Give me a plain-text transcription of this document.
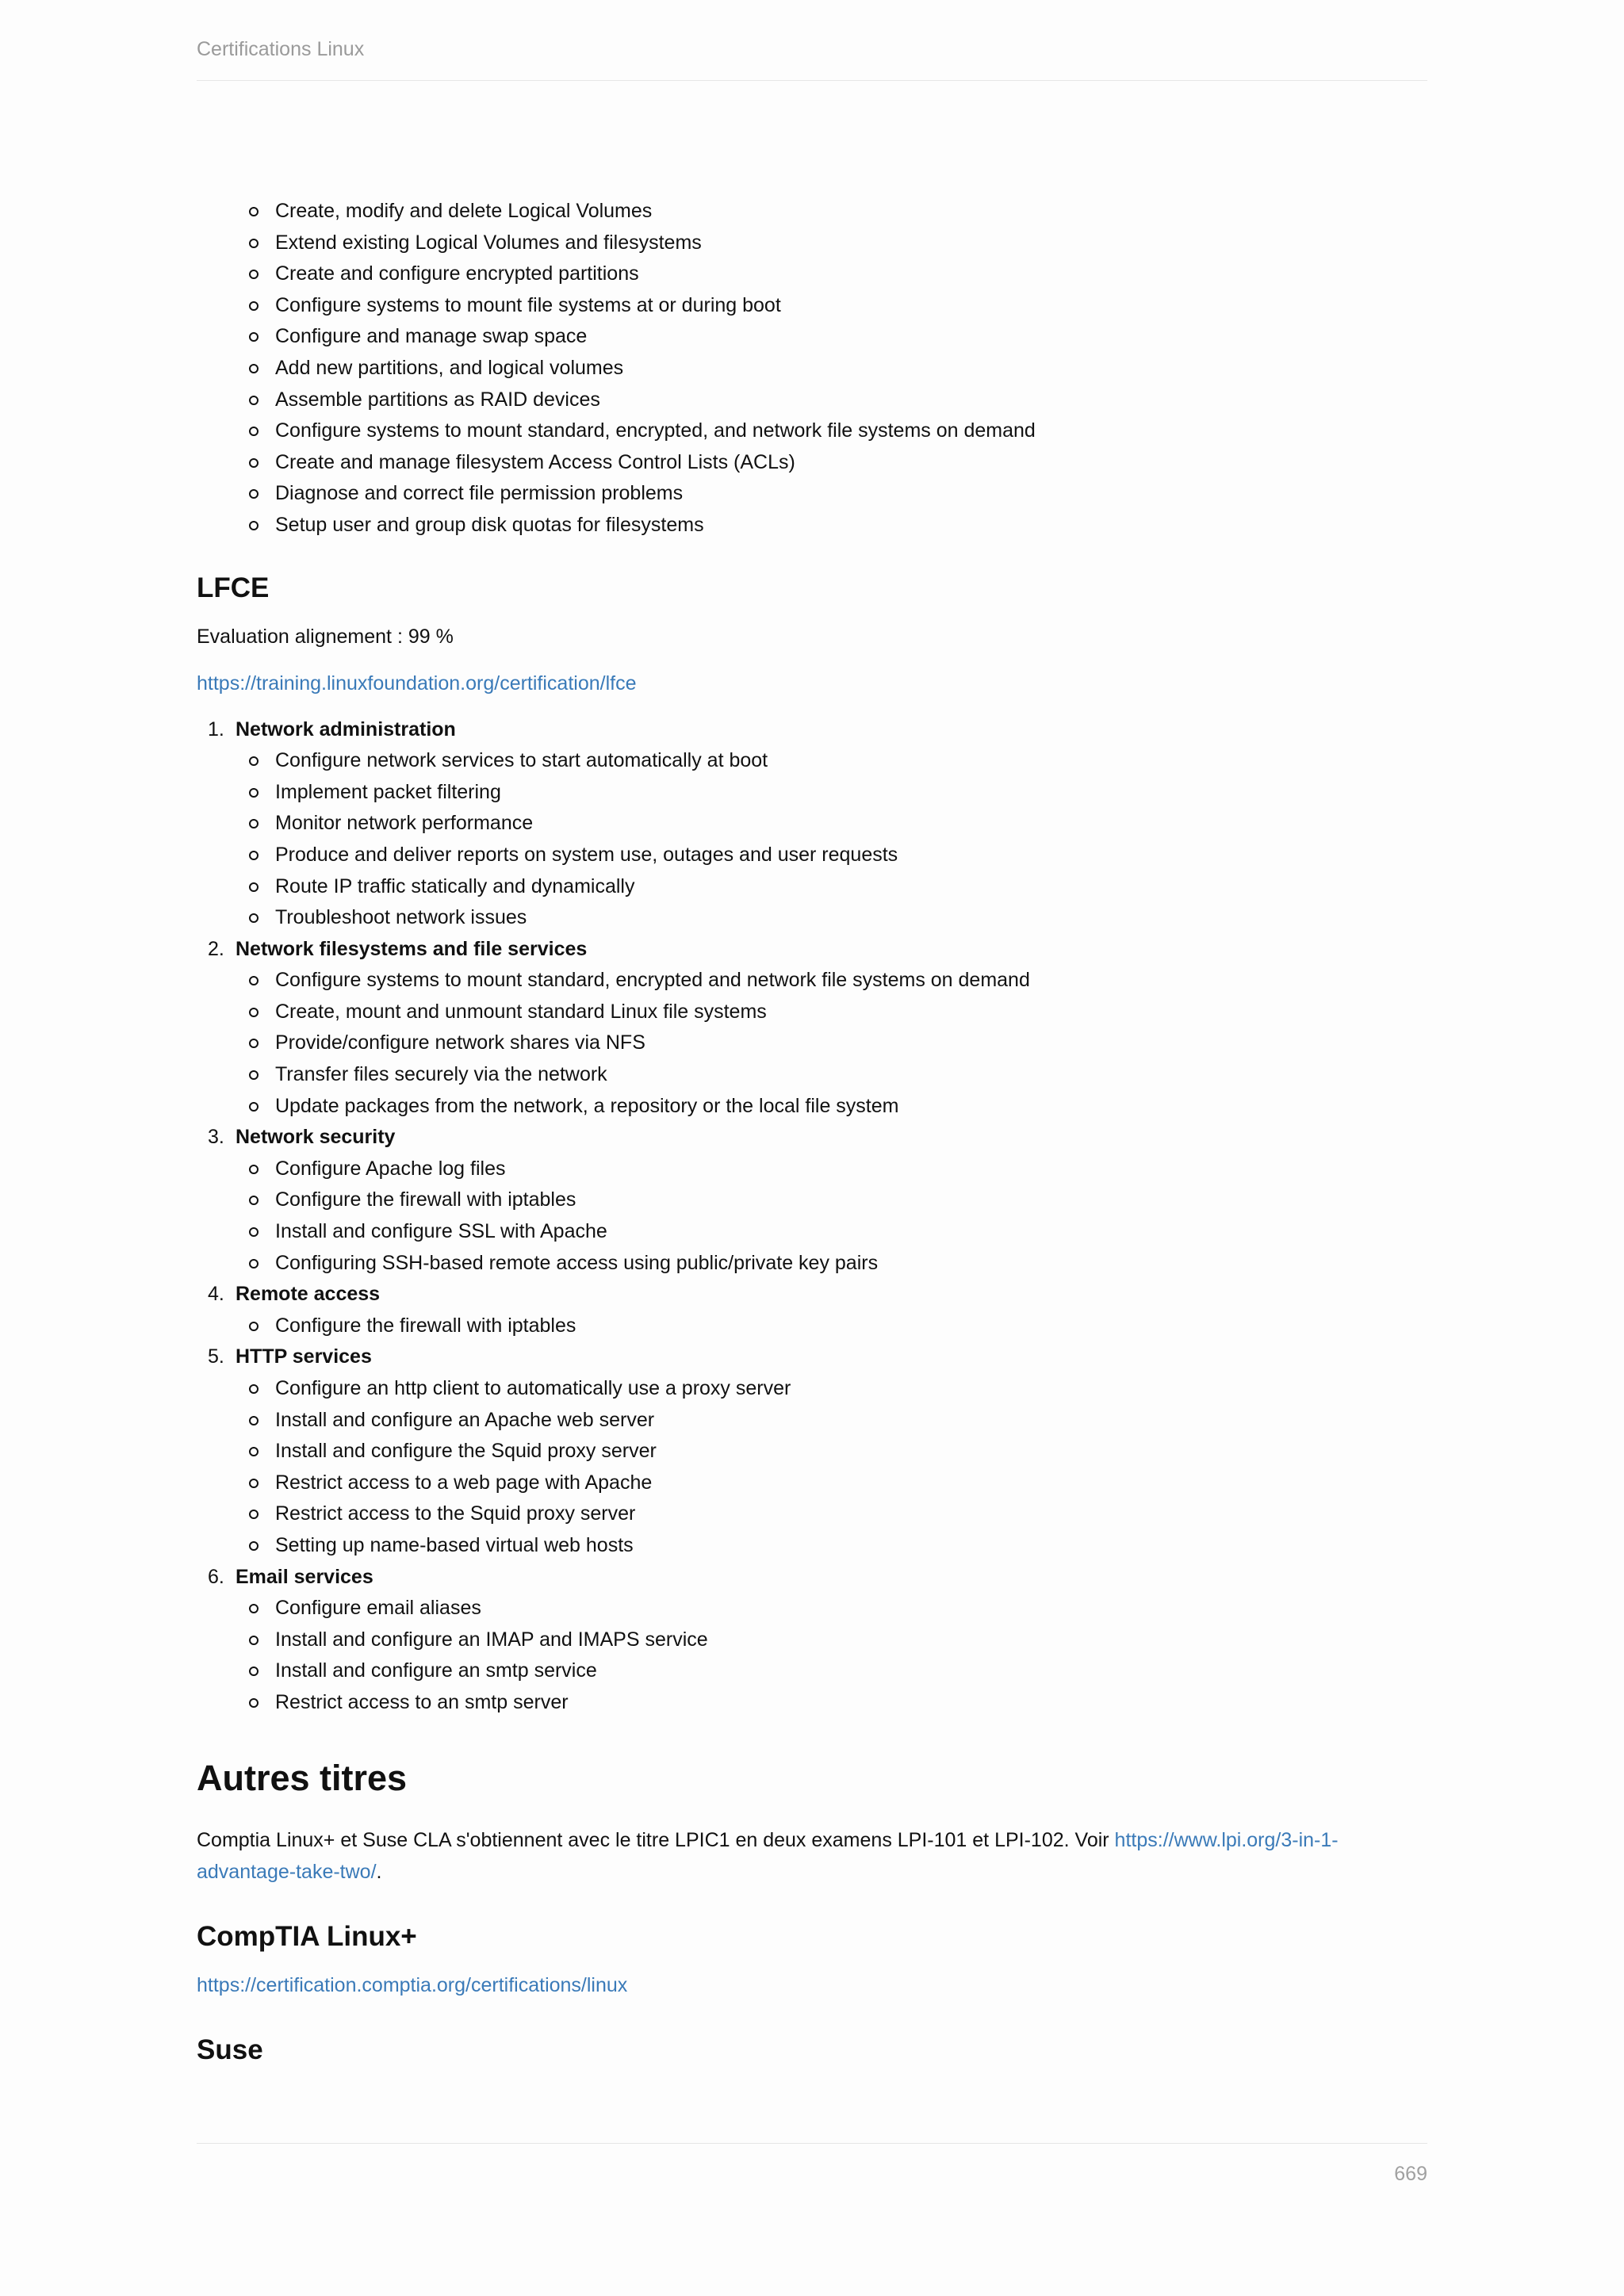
Certifications Linux
Create, modify and delete Logical Volumes
Extend existing Logical Volumes and filesystems
Create and configure encrypted partitions
Configure systems to mount file systems at or during boot
Configure and manage swap space
Add new partitions, and logical volumes
Assemble partitions as RAID devices
Configure systems to mount standard, encrypted, and network file systems on demand
Create and manage filesystem Access Control Lists (ACLs)
Diagnose and correct file permission problems
Setup user and group disk quotas for filesystems
LFCE

Evaluation alignement : 99 %

https://training.linuxfoundation.org/certification/lfce

1. Network administration
Configure network services to start automatically at boot
Implement packet filtering
Monitor network performance
Produce and deliver reports on system use, outages and user requests
Route IP traffic statically and dynamically
Troubleshoot network issues
2. Network filesystems and file services
Configure systems to mount standard, encrypted and network file systems on demand
Create, mount and unmount standard Linux file systems
Provide/configure network shares via NFS
Transfer files securely via the network
Update packages from the network, a repository or the local file system
3. Network security
Configure Apache log files
Configure the firewall with iptables
Install and configure SSL with Apache
Configuring SSH-based remote access using public/private key pairs
4. Remote access
Configure the firewall with iptables
5. HTTP services
Configure an http client to automatically use a proxy server
Install and configure an Apache web server
Install and configure the Squid proxy server
Restrict access to a web page with Apache
Restrict access to the Squid proxy server
Setting up name-based virtual web hosts
6. Email services
Configure email aliases
Install and configure an IMAP and IMAPS service
Install and configure an smtp service
Restrict access to an smtp server
Autres titres

Comptia Linux+ et Suse CLA s'obtiennent avec le titre LPIC1 en deux examens LPI-101 et LPI-102. Voir https://www.lpi.org/3-in-1-advantage-take-two/.

CompTIA Linux+

https://certification.comptia.org/certifications/linux

Suse
669
